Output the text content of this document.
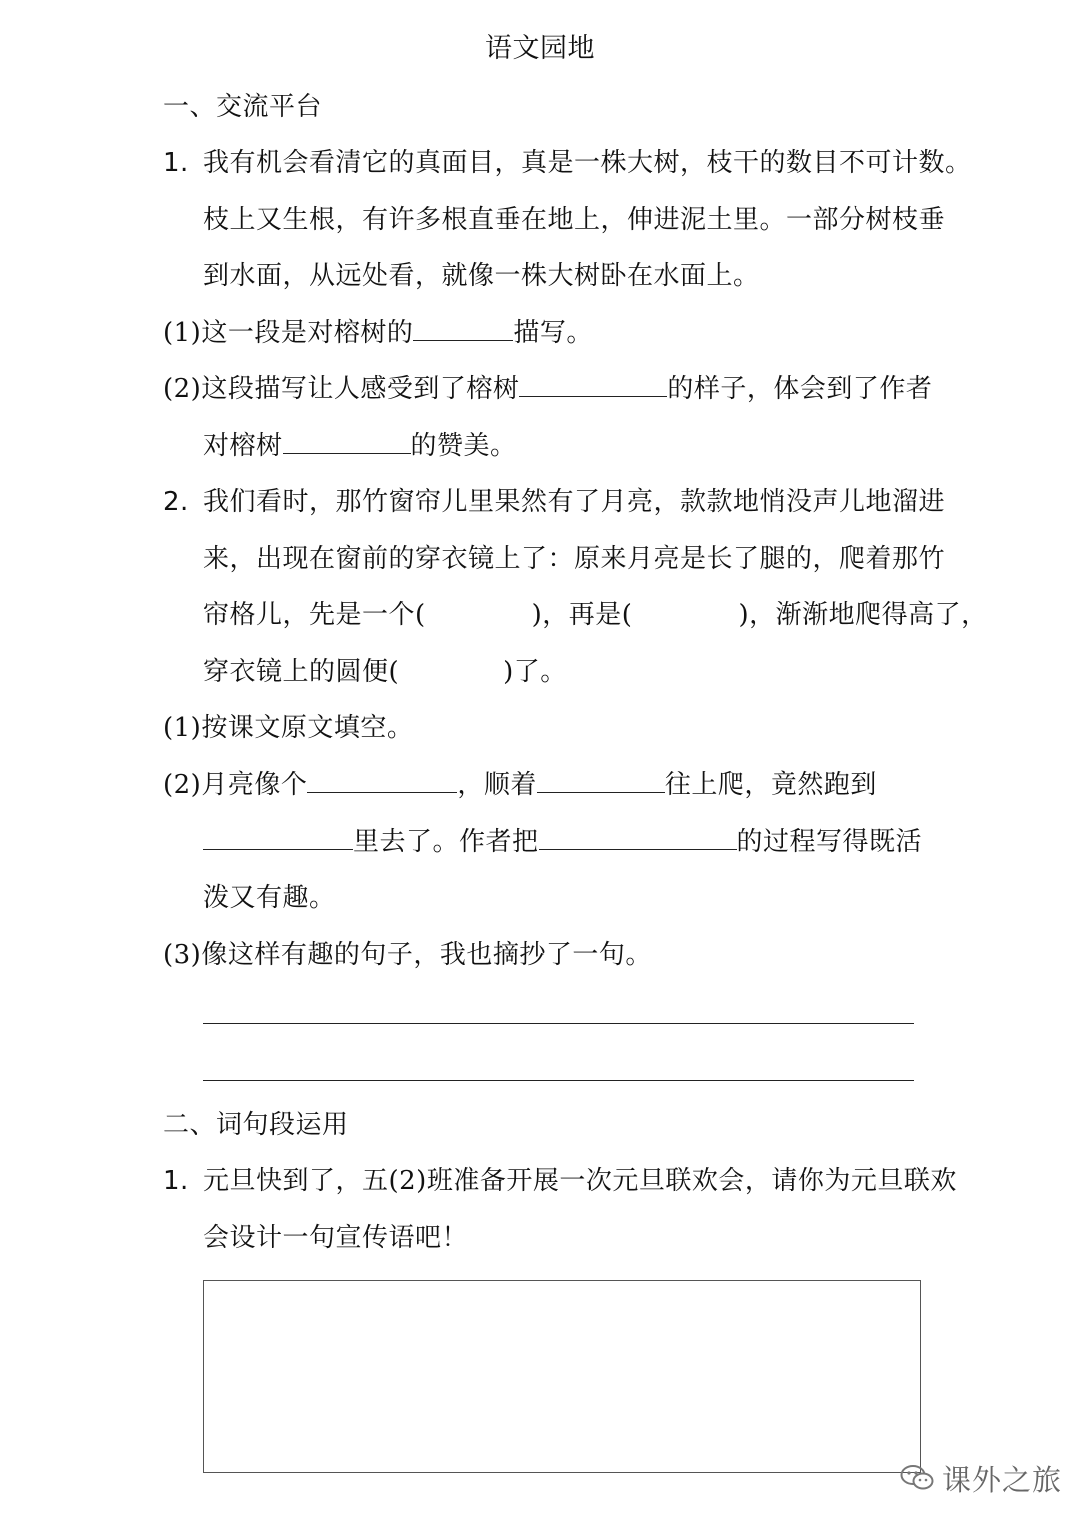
语文园地
一、交流平台
1. 我有机会看清它的真面目，真是一株大树，枝干的数目不可计数。
枝上又生根，有许多根直垂在地上，伸进泥土里。一部分树枝垂
到水面，从远处看，就像一株大树卧在水面上。
(1)这一段是对榕树的	描写。
(2)这段描写让人感受到了榕树	的样子，体会到了作者
对榕树	的赞美。
2. 我们看时，那竹窗帘儿里果然有了月亮，款款地悄没声儿地溜进
来，出现在窗前的穿衣镜上了：原来月亮是长了腿的，爬着那竹
帘格儿，先是一个(	)，再是(	)，渐渐地爬得高了，
穿衣镜上的圆便(	)了。
(1)按课文原文填空。
(2)月亮像个	，顺着	往上爬，竟然跑到
里去了。作者把	的过程写得既活
泼又有趣。
(3)像这样有趣的句子，我也摘抄了一句。
二、词句段运用
1. 元旦快到了，五(2)班准备开展一次元旦联欢会，请你为元旦联欢
会设计一句宣传语吧！
课外之旅
